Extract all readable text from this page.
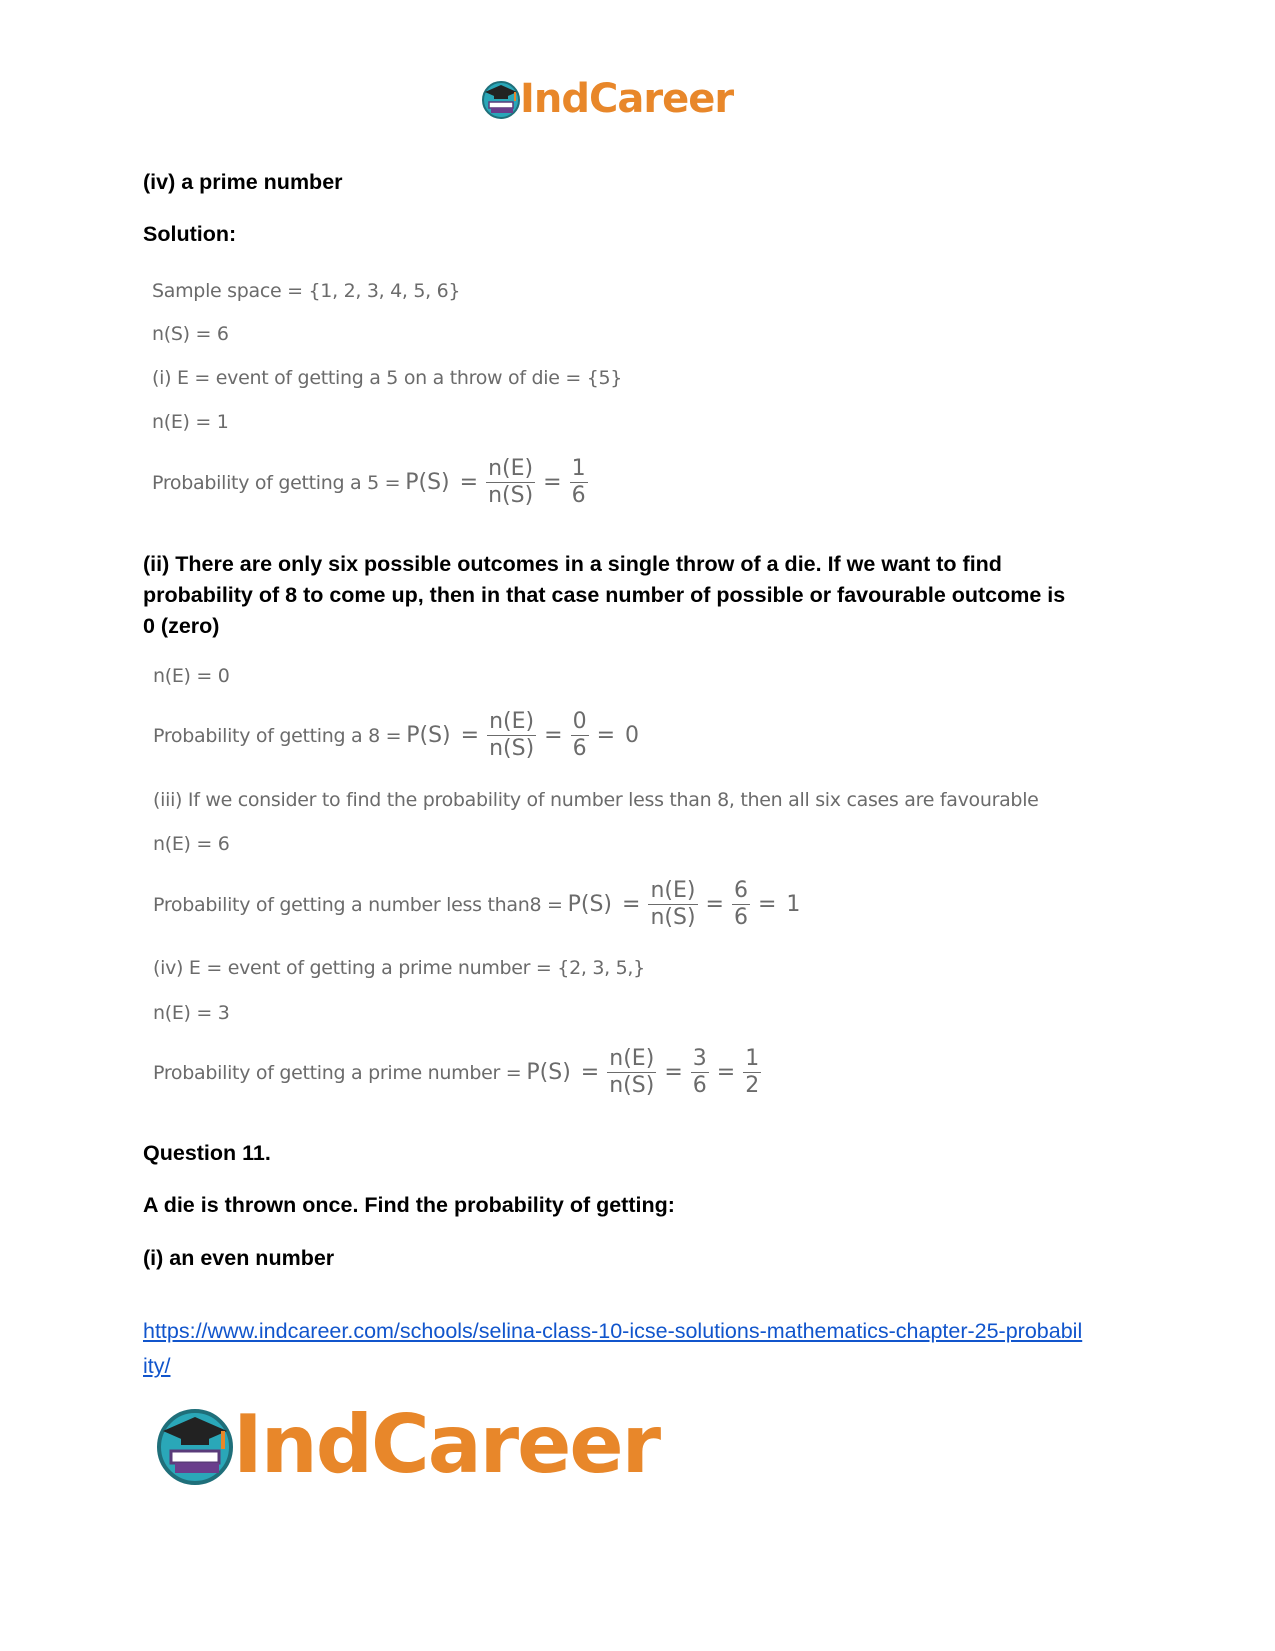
IndCareer
(iv) a prime number
Solution:
Sample space = {1, 2, 3, 4, 5, 6}
n(S) = 6
(i) E = event of getting a 5 on a throw of die = {5}
n(E) = 1
Probability of getting a $5 = P(S) = \frac{n(E)}{n(S)} = \frac{1}{6}$
(ii) There are only six possible outcomes in a single throw of a die. If we want to find probability of 8 to come up, then in that case number of possible or favourable outcome is 0 (zero)
n(E) = 0
Probability of getting a $8 = P(S) = \frac{n(E)}{n(S)} = \frac{0}{6} = 0$
(iii) If we consider to find the probability of number less than 8, then all six cases are favourable
n(E) = 6
Probability of getting a number less than8 = $P(S) = \frac{n(E)}{n(S)} = \frac{6}{6} = 1$
(iv) E = event of getting a prime number = {2, 3, 5,}
n(E) = 3
Probability of getting a prime number = $P(S) = \frac{n(E)}{n(S)} = \frac{3}{6} = \frac{1}{2}$
Question 11.
A die is thrown once. Find the probability of getting:
(i) an even number
https://www.indcareer.com/schools/selina-class-10-icse-solutions-mathematics-chapter-25-probability/
IndCareer
